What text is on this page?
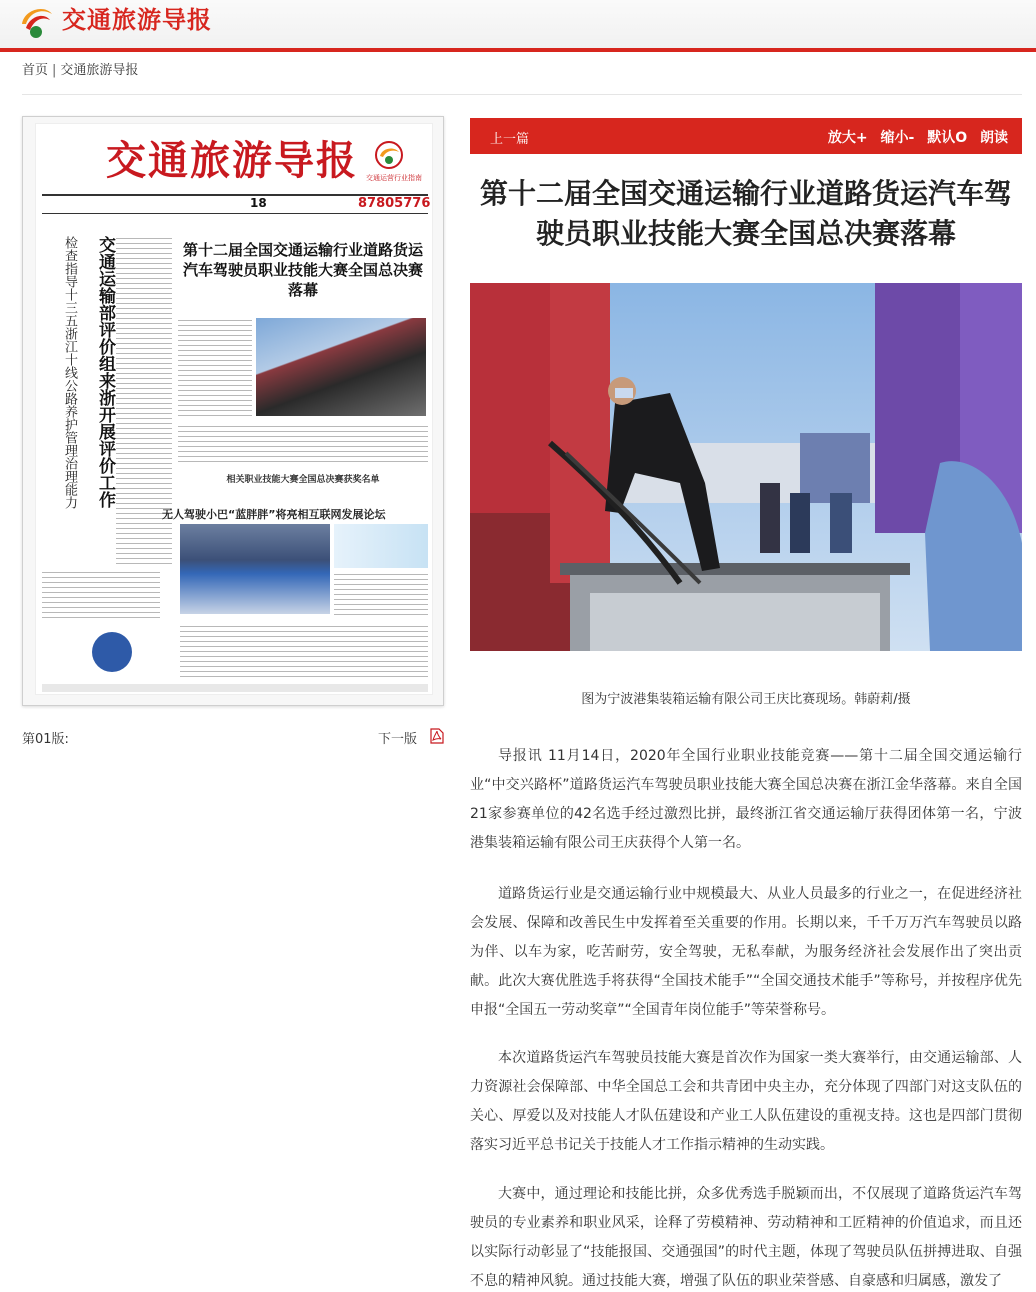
交通旅游导报
首页 | 交通旅游导报
交通旅游导报 交通运营行业指南
18	87805776
交通运输部评价组来浙开展评价工作
检查指导十三五浙江十线公路养护管理治理能力	第十二届全国交通运输行业道路货运汽车驾驶员职业技能大赛全国总决赛落幕
相关职业技能大赛全国总决赛获奖名单
无人驾驶小巴“蓝胖胖”将亮相互联网发展论坛
第01版:	下一版
上一篇	放大+ 缩小- 默认O 朗读
第十二届全国交通运输行业道路货运汽车驾驶员职业技能大赛全国总决赛落幕
图为宁波港集装箱运输有限公司王庆比赛现场。韩蔚莉/摄
导报讯 11月14日，2020年全国行业职业技能竞赛——第十二届全国交通运输行业“中交兴路杯”道路货运汽车驾驶员职业技能大赛全国总决赛在浙江金华落幕。来自全国21家参赛单位的42名选手经过激烈比拼，最终浙江省交通运输厅获得团体第一名，宁波港集装箱运输有限公司王庆获得个人第一名。
道路货运行业是交通运输行业中规模最大、从业人员最多的行业之一，在促进经济社会发展、保障和改善民生中发挥着至关重要的作用。长期以来，千千万万汽车驾驶员以路为伴、以车为家，吃苦耐劳，安全驾驶，无私奉献，为服务经济社会发展作出了突出贡献。此次大赛优胜选手将获得“全国技术能手”“全国交通技术能手”等称号，并按程序优先申报“全国五一劳动奖章”“全国青年岗位能手”等荣誉称号。
本次道路货运汽车驾驶员技能大赛是首次作为国家一类大赛举行，由交通运输部、人力资源社会保障部、中华全国总工会和共青团中央主办，充分体现了四部门对这支队伍的关心、厚爱以及对技能人才队伍建设和产业工人队伍建设的重视支持。这也是四部门贯彻落实习近平总书记关于技能人才工作指示精神的生动实践。
大赛中，通过理论和技能比拼，众多优秀选手脱颖而出，不仅展现了道路货运汽车驾驶员的专业素养和职业风采，诠释了劳模精神、劳动精神和工匠精神的价值追求，而且还以实际行动彰显了“技能报国、交通强国”的时代主题，体现了驾驶员队伍拼搏进取、自强不息的精神风貌。通过技能大赛，增强了队伍的职业荣誉感、自豪感和归属感，激发了
